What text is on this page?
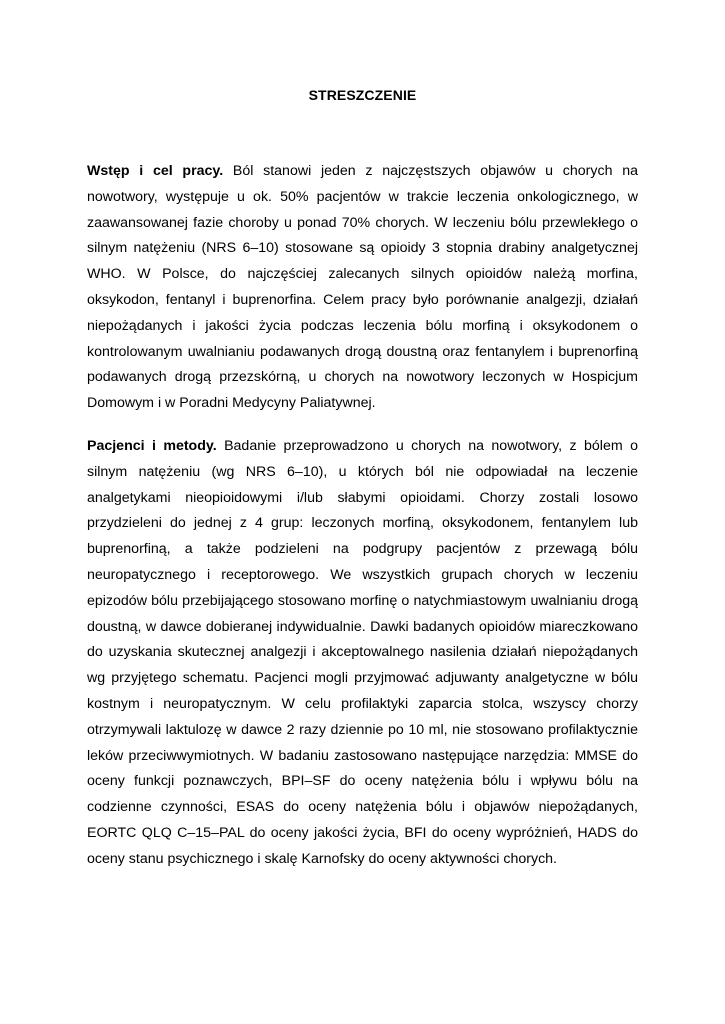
STRESZCZENIE

Wstęp i cel pracy. Ból stanowi jeden z najczęstszych objawów u chorych na nowotwory, występuje u ok. 50% pacjentów w trakcie leczenia onkologicznego, w zaawansowanej fazie choroby u ponad 70% chorych. W leczeniu bólu przewlekłego o silnym natężeniu (NRS 6–10) stosowane są opioidy 3 stopnia drabiny analgetycznej WHO. W Polsce, do najczęściej zalecanych silnych opioidów należą morfina, oksykodon, fentanyl i buprenorfina. Celem pracy było porównanie analgezji, działań niepożądanych i jakości życia podczas leczenia bólu morfiną i oksykodonem o kontrolowanym uwalnianiu podawanych drogą doustną oraz fentanylem i buprenorfiną podawanych drogą przezskórną, u chorych na nowotwory leczonych w Hospicjum Domowym i w Poradni Medycyny Paliatywnej.

Pacjenci i metody. Badanie przeprowadzono u chorych na nowotwory, z bólem o silnym natężeniu (wg NRS 6–10), u których ból nie odpowiadał na leczenie analgetykami nieopioidowymi i/lub słabymi opioidami. Chorzy zostali losowo przydzieleni do jednej z 4 grup: leczonych morfiną, oksykodonem, fentanylem lub buprenorfiną, a także podzieleni na podgrupy pacjentów z przewagą bólu neuropatycznego i receptorowego. We wszystkich grupach chorych w leczeniu epizodów bólu przebijającego stosowano morfinę o natychmiastowym uwalnianiu drogą doustną, w dawce dobieranej indywidualnie. Dawki badanych opioidów miareczkowano do uzyskania skutecznej analgezji i akceptowalnego nasilenia działań niepożądanych wg przyjętego schematu. Pacjenci mogli przyjmować adjuwanty analgetyczne w bólu kostnym i neuropatycznym. W celu profilaktyki zaparcia stolca, wszyscy chorzy otrzymywali laktulozę w dawce 2 razy dziennie po 10 ml, nie stosowano profilaktycznie leków przeciwwymiotnych. W badaniu zastosowano następujące narzędzia: MMSE do oceny funkcji poznawczych, BPI–SF do oceny natężenia bólu i wpływu bólu na codzienne czynności, ESAS do oceny natężenia bólu i objawów niepożądanych, EORTC QLQ C–15–PAL do oceny jakości życia, BFI do oceny wypróżnień, HADS do oceny stanu psychicznego i skalę Karnofsky do oceny aktywności chorych.
